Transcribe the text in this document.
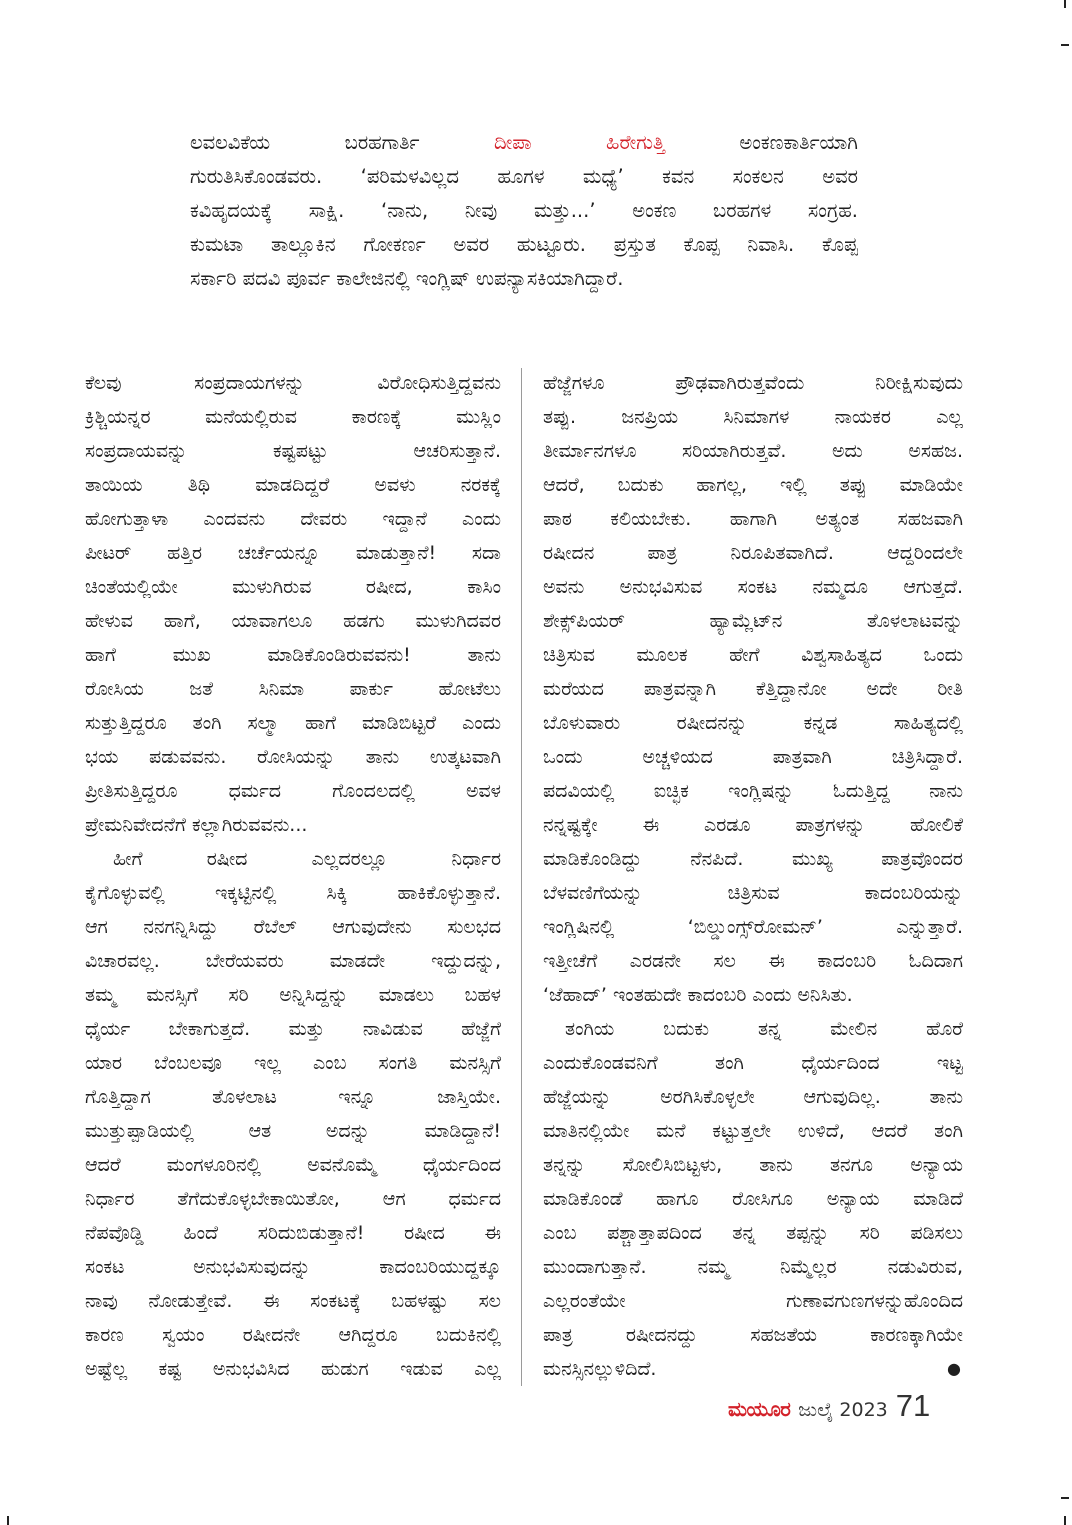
ಲವಲವಿಕೆಯ ಬರಹಗಾರ್ತಿ	ದೀಪಾ ಹಿರೇಗುತ್ತಿ	ಅಂಕಣಕಾರ್ತಿಯಾಗಿ
ಗುರುತಿಸಿಕೊಂಡವರು. ‘ಪರಿಮಳವಿಲ್ಲದ ಹೂಗಳ ಮಧ್ಯೆ’ ಕವನ ಸಂಕಲನ ಅವರ
ಕವಿಹೃದಯಕ್ಕೆ ಸಾಕ್ಷಿ. ‘ನಾನು, ನೀವು ಮತ್ತು...’ ಅಂಕಣ ಬರಹಗಳ ಸಂಗ್ರಹ.
ಕುಮಟಾ ತಾಲ್ಲೂಕಿನ ಗೋಕರ್ಣ ಅವರ ಹುಟ್ಟೂರು. ಪ್ರಸ್ತುತ ಕೊಪ್ಪ ನಿವಾಸಿ. ಕೊಪ್ಪ
ಸರ್ಕಾರಿ ಪದವಿ ಪೂರ್ವ ಕಾಲೇಜಿನಲ್ಲಿ ಇಂಗ್ಲಿಷ್ ಉಪನ್ಯಾಸಕಿಯಾಗಿದ್ದಾರೆ.
ಕೆಲವು ಸಂಪ್ರದಾಯಗಳನ್ನು ವಿರೋಧಿಸುತ್ತಿದ್ದವನು
ಕ್ರಿಶ್ಚಿಯನ್ನರ ಮನೆಯಲ್ಲಿರುವ ಕಾರಣಕ್ಕೆ ಮುಸ್ಲಿಂ
ಸಂಪ್ರದಾಯವನ್ನು ಕಷ್ಟಪಟ್ಟು ಆಚರಿಸುತ್ತಾನೆ.
ತಾಯಿಯ ತಿಥಿ ಮಾಡದಿದ್ದರೆ ಅವಳು ನರಕಕ್ಕೆ
ಹೋಗುತ್ತಾಳಾ ಎಂದವನು ದೇವರು ಇದ್ದಾನೆ ಎಂದು
ಪೀಟರ್ ಹತ್ತಿರ ಚರ್ಚೆಯನ್ನೂ ಮಾಡುತ್ತಾನೆ! ಸದಾ
ಚಿಂತೆಯಲ್ಲಿಯೇ ಮುಳುಗಿರುವ ರಷೀದ, ಕಾಸಿಂ
ಹೇಳುವ ಹಾಗೆ, ಯಾವಾಗಲೂ ಹಡಗು ಮುಳುಗಿದವರ
ಹಾಗೆ ಮುಖ ಮಾಡಿಕೊಂಡಿರುವವನು! ತಾನು
ರೋಸಿಯ ಜತೆ ಸಿನಿಮಾ ಪಾರ್ಕು ಹೋಟೆಲು
ಸುತ್ತುತ್ತಿದ್ದರೂ ತಂಗಿ ಸಲ್ಮಾ ಹಾಗೆ ಮಾಡಿಬಿಟ್ಟರೆ ಎಂದು
ಭಯ ಪಡುವವನು. ರೋಸಿಯನ್ನು ತಾನು ಉತ್ಕಟವಾಗಿ
ಪ್ರೀತಿಸುತ್ತಿದ್ದರೂ ಧರ್ಮದ ಗೊಂದಲದಲ್ಲಿ ಅವಳ
ಪ್ರೇಮನಿವೇದನೆಗೆ ಕಲ್ಲಾಗಿರುವವನು...
ಹೀಗೆ ರಷೀದ ಎಲ್ಲದರಲ್ಲೂ ನಿರ್ಧಾರ
ಕೈಗೊಳ್ಳುವಲ್ಲಿ ಇಕ್ಕಟ್ಟಿನಲ್ಲಿ ಸಿಕ್ಕಿ ಹಾಕಿಕೊಳ್ಳುತ್ತಾನೆ.
ಆಗ ನನಗನ್ನಿಸಿದ್ದು ರೆಬೆಲ್ ಆಗುವುದೇನು ಸುಲಭದ
ವಿಚಾರವಲ್ಲ. ಬೇರೆಯವರು ಮಾಡದೇ ಇದ್ದುದನ್ನು,
ತಮ್ಮ ಮನಸ್ಸಿಗೆ ಸರಿ ಅನ್ನಿಸಿದ್ದನ್ನು ಮಾಡಲು ಬಹಳ
ಧೈರ್ಯ ಬೇಕಾಗುತ್ತದೆ. ಮತ್ತು ನಾವಿಡುವ ಹೆಜ್ಜೆಗೆ
ಯಾರ ಬೆಂಬಲವೂ ಇಲ್ಲ ಎಂಬ ಸಂಗತಿ ಮನಸ್ಸಿಗೆ
ಗೊತ್ತಿದ್ದಾಗ ತೊಳಲಾಟ ಇನ್ನೂ ಜಾಸ್ತಿಯೇ.
ಮುತ್ತುಪ್ಪಾಡಿಯಲ್ಲಿ ಆತ ಅದನ್ನು ಮಾಡಿದ್ದಾನೆ!
ಆದರೆ ಮಂಗಳೂರಿನಲ್ಲಿ ಅವನೊಮ್ಮೆ ಧೈರ್ಯದಿಂದ
ನಿರ್ಧಾರ ತೆಗೆದುಕೊಳ್ಳಬೇಕಾಯಿತೋ, ಆಗ ಧರ್ಮದ
ನೆಪವೊಡ್ಡಿ ಹಿಂದೆ ಸರಿದುಬಿಡುತ್ತಾನೆ! ರಷೀದ ಈ
ಸಂಕಟ ಅನುಭವಿಸುವುದನ್ನು ಕಾದಂಬರಿಯುದ್ದಕ್ಕೂ
ನಾವು ನೋಡುತ್ತೇವೆ. ಈ ಸಂಕಟಕ್ಕೆ ಬಹಳಷ್ಟು ಸಲ
ಕಾರಣ ಸ್ವಯಂ ರಷೀದನೇ ಆಗಿದ್ದರೂ ಬದುಕಿನಲ್ಲಿ
ಅಷ್ಟೆಲ್ಲ ಕಷ್ಟ ಅನುಭವಿಸಿದ ಹುಡುಗ ಇಡುವ ಎಲ್ಲ
ಹೆಜ್ಜೆಗಳೂ ಪ್ರೌಢವಾಗಿರುತ್ತವೆಂದು ನಿರೀಕ್ಷಿಸುವುದು
ತಪ್ಪು. ಜನಪ್ರಿಯ ಸಿನಿಮಾಗಳ ನಾಯಕರ ಎಲ್ಲ
ತೀರ್ಮಾನಗಳೂ ಸರಿಯಾಗಿರುತ್ತವೆ. ಅದು ಅಸಹಜ.
ಆದರೆ, ಬದುಕು ಹಾಗಲ್ಲ, ಇಲ್ಲಿ ತಪ್ಪು ಮಾಡಿಯೇ
ಪಾಠ ಕಲಿಯಬೇಕು. ಹಾಗಾಗಿ ಅತ್ಯಂತ ಸಹಜವಾಗಿ
ರಷೀದನ ಪಾತ್ರ ನಿರೂಪಿತವಾಗಿದೆ. ಆದ್ದರಿಂದಲೇ
ಅವನು ಅನುಭವಿಸುವ ಸಂಕಟ ನಮ್ಮದೂ ಆಗುತ್ತದೆ.
ಶೇಕ್ಸ್‌ಪಿಯರ್ ಹ್ಯಾಮ್ಲೆಟ್‌ನ ತೊಳಲಾಟವನ್ನು
ಚಿತ್ರಿಸುವ ಮೂಲಕ ಹೇಗೆ ವಿಶ್ವಸಾಹಿತ್ಯದ ಒಂದು
ಮರೆಯದ ಪಾತ್ರವನ್ನಾಗಿ ಕೆತ್ತಿದ್ದಾನೋ ಅದೇ ರೀತಿ
ಬೊಳುವಾರು ರಷೀದನನ್ನು ಕನ್ನಡ ಸಾಹಿತ್ಯದಲ್ಲಿ
ಒಂದು ಅಚ್ಚಳಿಯದ ಪಾತ್ರವಾಗಿ ಚಿತ್ರಿಸಿದ್ದಾರೆ.
ಪದವಿಯಲ್ಲಿ ಐಚ್ಛಿಕ ಇಂಗ್ಲಿಷನ್ನು ಓದುತ್ತಿದ್ದ ನಾನು
ನನ್ನಷ್ಟಕ್ಕೇ ಈ ಎರಡೂ ಪಾತ್ರಗಳನ್ನು ಹೋಲಿಕೆ
ಮಾಡಿಕೊಂಡಿದ್ದು ನೆನಪಿದೆ. ಮುಖ್ಯ ಪಾತ್ರವೊಂದರ
ಬೆಳವಣಿಗೆಯನ್ನು ಚಿತ್ರಿಸುವ ಕಾದಂಬರಿಯನ್ನು
ಇಂಗ್ಲಿಷಿನಲ್ಲಿ ‘ಬಿಲ್ಡುಂಗ್ಸ್‌ರೋಮನ್’ ಎನ್ನುತ್ತಾರೆ.
ಇತ್ತೀಚೆಗೆ ಎರಡನೇ ಸಲ ಈ ಕಾದಂಬರಿ ಓದಿದಾಗ
‘ಜೆಹಾದ್’ ಇಂತಹುದೇ ಕಾದಂಬರಿ ಎಂದು ಅನಿಸಿತು.
ತಂಗಿಯ ಬದುಕು ತನ್ನ ಮೇಲಿನ ಹೊರೆ
ಎಂದುಕೊಂಡವನಿಗೆ ತಂಗಿ ಧೈರ್ಯದಿಂದ ಇಟ್ಟ
ಹೆಜ್ಜೆಯನ್ನು ಅರಗಿಸಿಕೊಳ್ಳಲೇ ಆಗುವುದಿಲ್ಲ. ತಾನು
ಮಾತಿನಲ್ಲಿಯೇ ಮನೆ ಕಟ್ಟುತ್ತಲೇ ಉಳಿದೆ, ಆದರೆ ತಂಗಿ
ತನ್ನನ್ನು ಸೋಲಿಸಿಬಿಟ್ಟಳು, ತಾನು ತನಗೂ ಅನ್ಯಾಯ
ಮಾಡಿಕೊಂಡೆ ಹಾಗೂ ರೋಸಿಗೂ ಅನ್ಯಾಯ ಮಾಡಿದೆ
ಎಂಬ ಪಶ್ಚಾತ್ತಾಪದಿಂದ ತನ್ನ ತಪ್ಪನ್ನು ಸರಿ ಪಡಿಸಲು
ಮುಂದಾಗುತ್ತಾನೆ. ನಮ್ಮ ನಿಮ್ಮೆಲ್ಲರ ನಡುವಿರುವ,
ಎಲ್ಲರಂತೆಯೇ ಗುಣಾವಗುಣಗಳನ್ನುಹೊಂದಿದ
ಪಾತ್ರ ರಷೀದನದ್ದು ಸಹಜತೆಯ ಕಾರಣಕ್ಕಾಗಿಯೇ
ಮನಸ್ಸಿನಲ್ಲುಳಿದಿದೆ.	●
ಮಯೂರ ಜುಲೈ 2023 71
